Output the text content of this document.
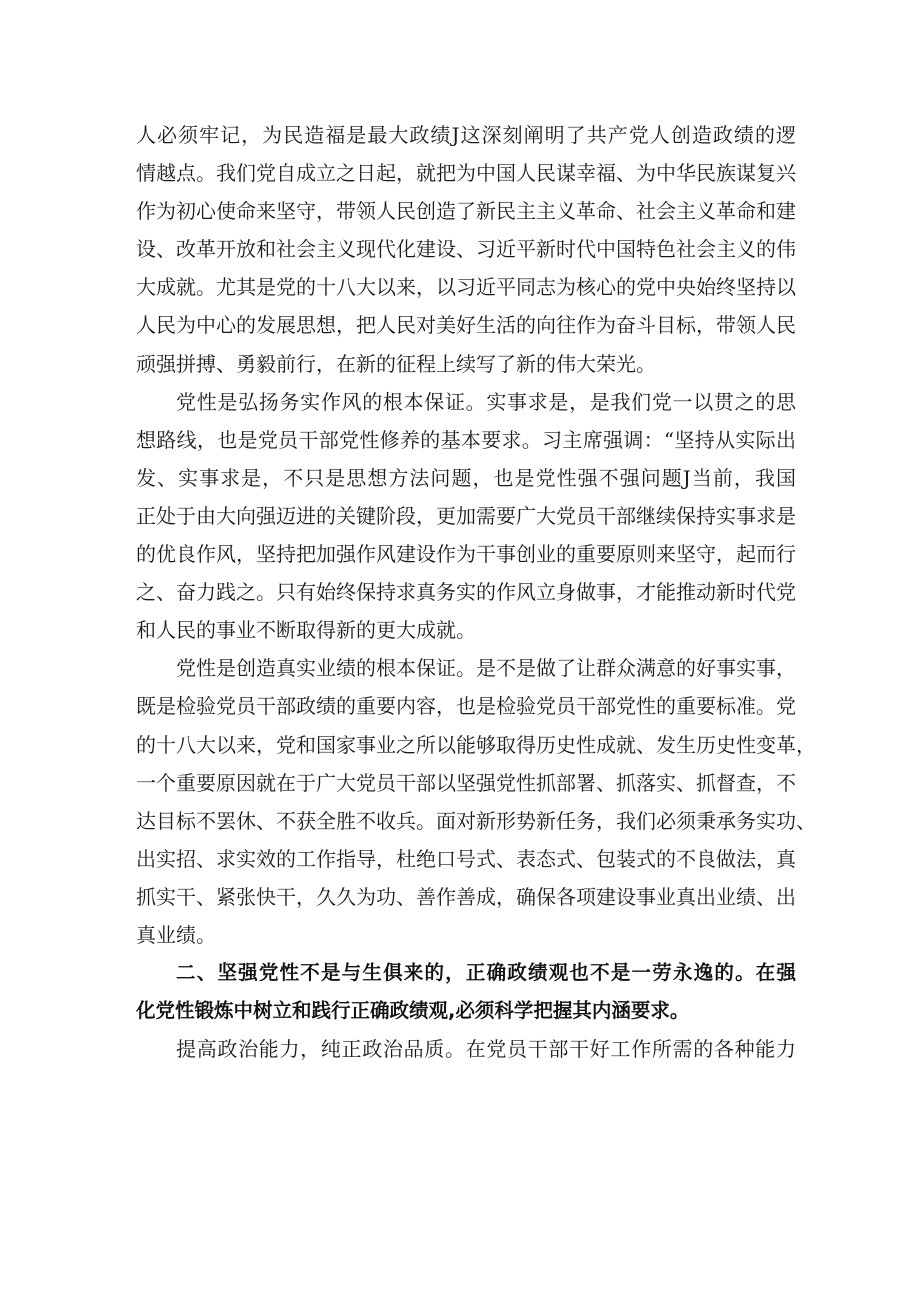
人必须牢记，为民造福是最大政绩J这深刻阐明了共产党人创造政绩的逻
情越点。我们党自成立之日起，就把为中国人民谋幸福、为中华民族谋复兴
作为初心使命来坚守，带领人民创造了新民主主义革命、社会主义革命和建
设、改革开放和社会主义现代化建设、习近平新时代中国特色社会主义的伟
大成就。尤其是党的十八大以来，以习近平同志为核心的党中央始终坚持以
人民为中心的发展思想，把人民对美好生活的向往作为奋斗目标，带领人民
顽强拼搏、勇毅前行，在新的征程上续写了新的伟大荣光。
党性是弘扬务实作风的根本保证。实事求是，是我们党一以贯之的思
想路线，也是党员干部党性修养的基本要求。习主席强调：“坚持从实际出
发、实事求是，不只是思想方法问题，也是党性强不强问题J当前，我国
正处于由大向强迈进的关键阶段，更加需要广大党员干部继续保持实事求是
的优良作风，坚持把加强作风建设作为干事创业的重要原则来坚守，起而行
之、奋力践之。只有始终保持求真务实的作风立身做事，才能推动新时代党
和人民的事业不断取得新的更大成就。
党性是创造真实业绩的根本保证。是不是做了让群众满意的好事实事，
既是检验党员干部政绩的重要内容，也是检验党员干部党性的重要标准。党
的十八大以来，党和国家事业之所以能够取得历史性成就、发生历史性变革，
一个重要原因就在于广大党员干部以坚强党性抓部署、抓落实、抓督查，不
达目标不罢休、不获全胜不收兵。面对新形势新任务，我们必须秉承务实功、
出实招、求实效的工作指导，杜绝口号式、表态式、包装式的不良做法，真
抓实干、紧张快干，久久为功、善作善成，确保各项建设事业真出业绩、出
真业绩。
二、坚强党性不是与生俱来的，正确政绩观也不是一劳永逸的。在强
化党性锻炼中树立和践行正确政绩观,必须科学把握其内涵要求。
提高政治能力，纯正政治品质。在党员干部干好工作所需的各种能力
